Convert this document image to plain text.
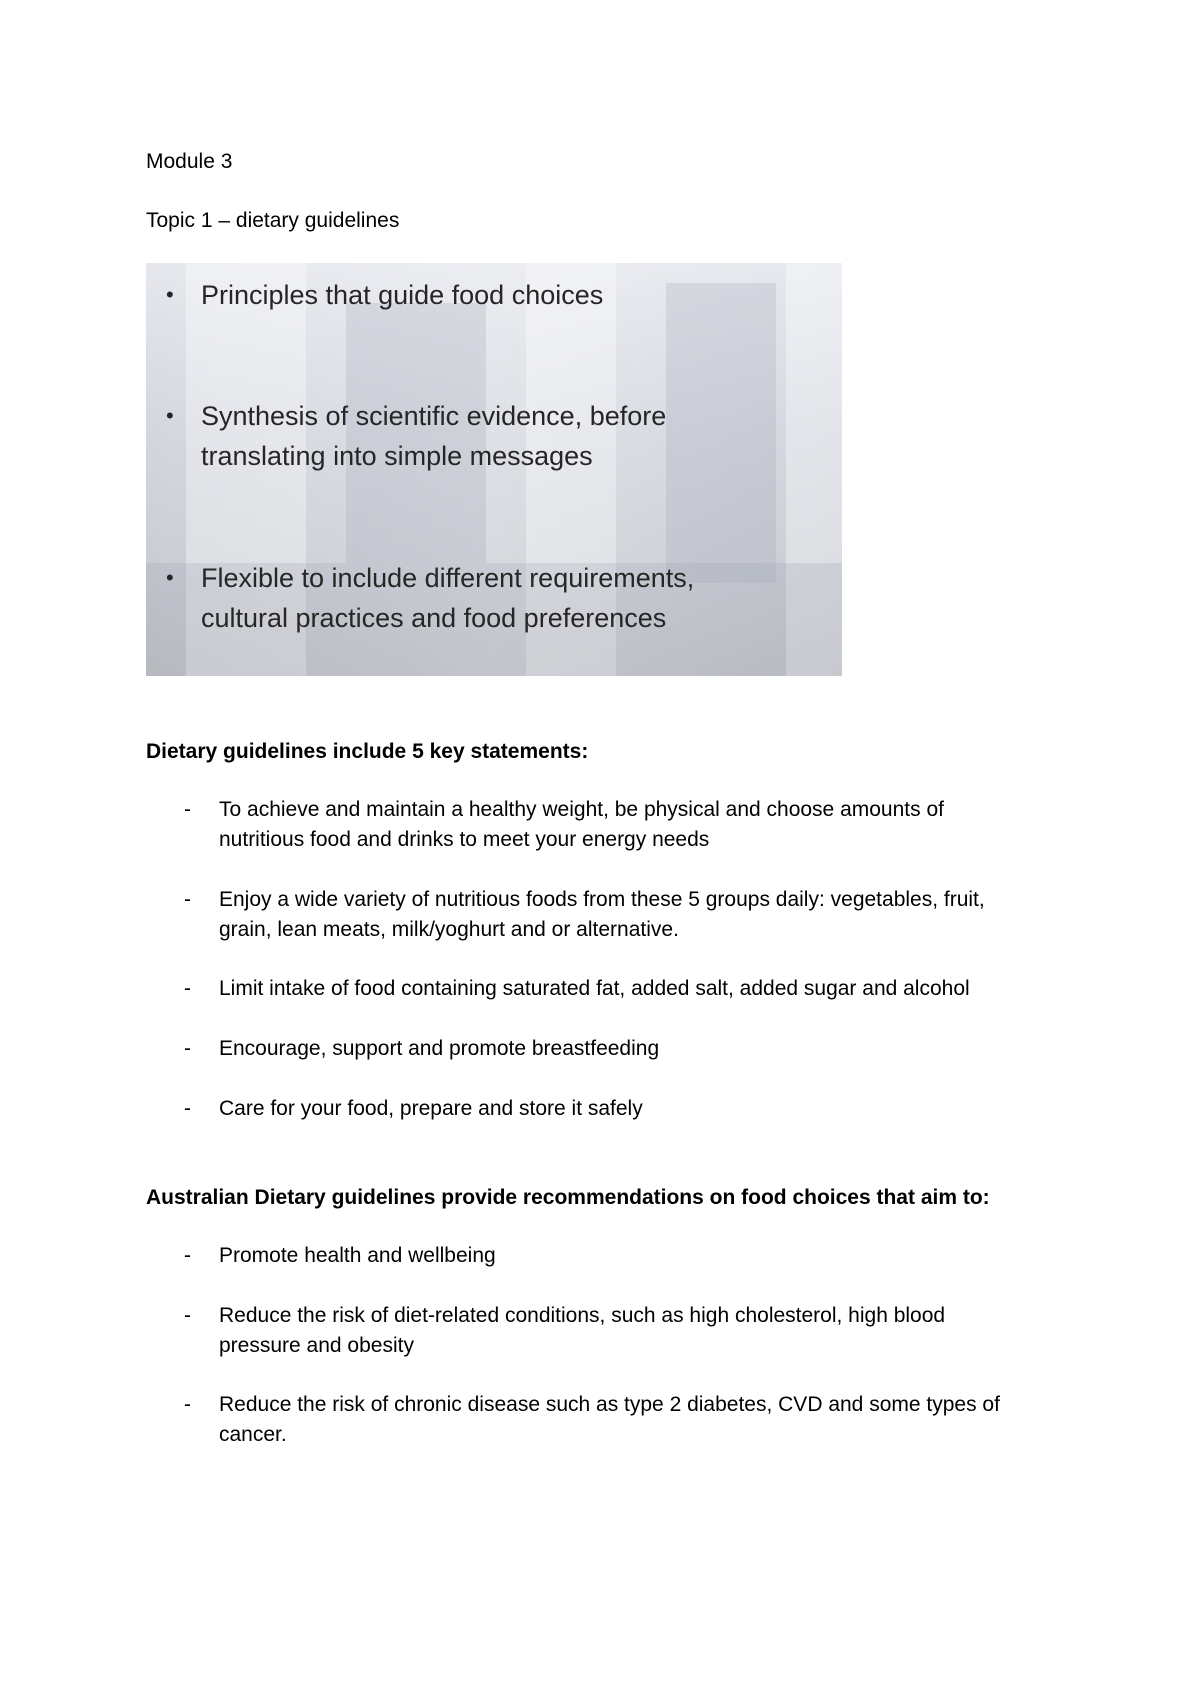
Module 3
Topic 1 – dietary guidelines
•	Principles that guide food choices
•	Synthesis of scientific evidence, before
translating into simple messages
•	Flexible to include different requirements,
cultural practices and food preferences
Dietary guidelines include 5 key statements:
- To achieve and maintain a healthy weight, be physical and choose amounts of
nutritious food and drinks to meet your energy needs
- Enjoy a wide variety of nutritious foods from these 5 groups daily: vegetables, fruit,
grain, lean meats, milk/yoghurt and or alternative.
- Limit intake of food containing saturated fat, added salt, added sugar and alcohol
- Encourage, support and promote breastfeeding
- Care for your food, prepare and store it safely
Australian Dietary guidelines provide recommendations on food choices that aim to:
- Promote health and wellbeing
- Reduce the risk of diet-related conditions, such as high cholesterol, high blood
pressure and obesity
- Reduce the risk of chronic disease such as type 2 diabetes, CVD and some types of
cancer.
